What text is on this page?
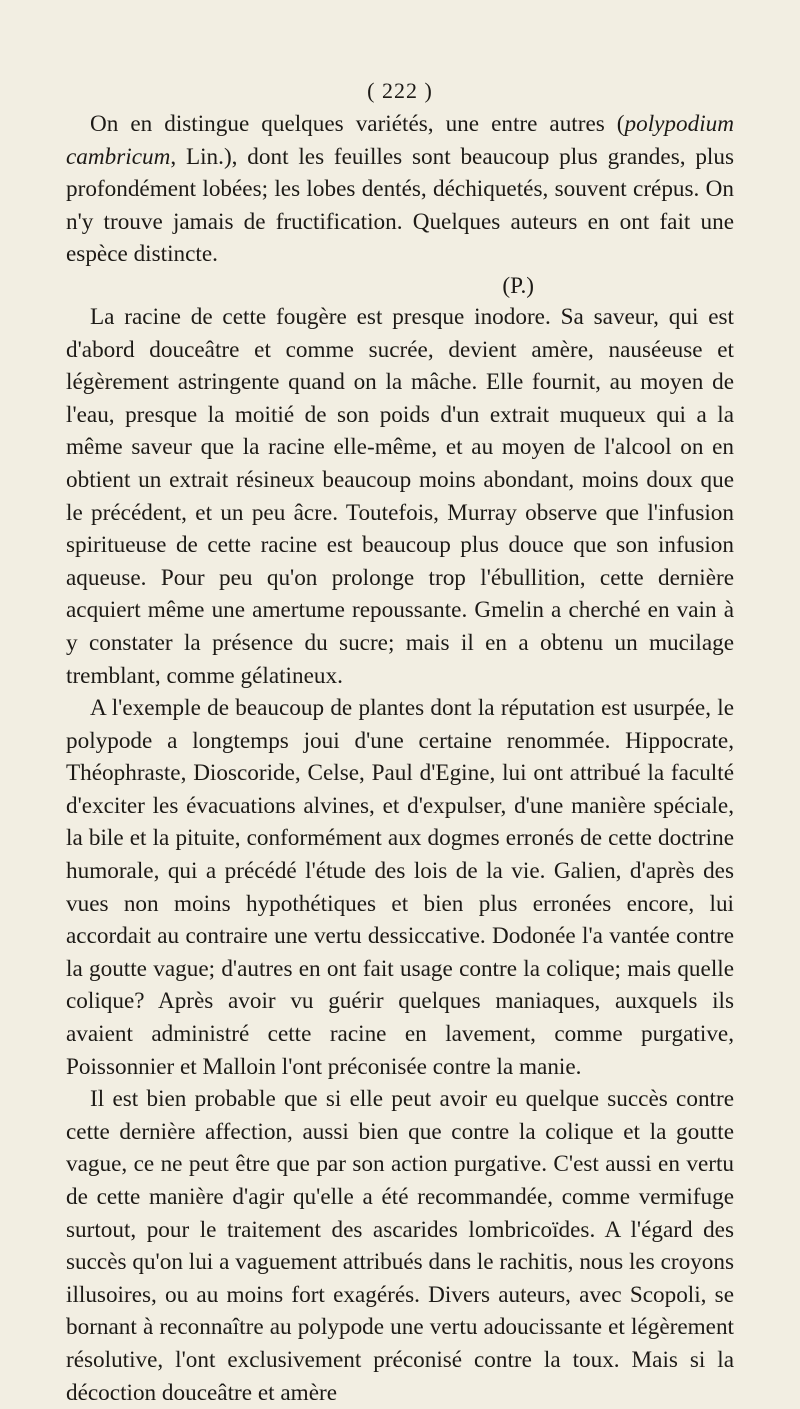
( 222 )

On en distingue quelques variétés, une entre autres (polypodium cambricum, Lin.), dont les feuilles sont beaucoup plus grandes, plus profondément lobées; les lobes dentés, déchiquetés, souvent crépus. On n'y trouve jamais de fructification. Quelques auteurs en ont fait une espèce distincte.
(P.)

La racine de cette fougère est presque inodore. Sa saveur, qui est d'abord douceâtre et comme sucrée, devient amère, nauséeuse et légèrement astringente quand on la mâche. Elle fournit, au moyen de l'eau, presque la moitié de son poids d'un extrait muqueux qui a la même saveur que la racine elle-même, et au moyen de l'alcool on en obtient un extrait résineux beaucoup moins abondant, moins doux que le précédent, et un peu âcre. Toutefois, Murray observe que l'infusion spiritueuse de cette racine est beaucoup plus douce que son infusion aqueuse. Pour peu qu'on prolonge trop l'ébullition, cette dernière acquiert même une amertume repoussante. Gmelin a cherché en vain à y constater la présence du sucre; mais il en a obtenu un mucilage tremblant, comme gélatineux.

A l'exemple de beaucoup de plantes dont la réputation est usurpée, le polypode a longtemps joui d'une certaine renommée. Hippocrate, Théophraste, Dioscoride, Celse, Paul d'Egine, lui ont attribué la faculté d'exciter les évacuations alvines, et d'expulser, d'une manière spéciale, la bile et la pituite, conformément aux dogmes erronés de cette doctrine humorale, qui a précédé l'étude des lois de la vie. Galien, d'après des vues non moins hypothétiques et bien plus erronées encore, lui accordait au contraire une vertu dessiccative. Dodonée l'a vantée contre la goutte vague; d'autres en ont fait usage contre la colique; mais quelle colique? Après avoir vu guérir quelques maniaques, auxquels ils avaient administré cette racine en lavement, comme purgative, Poissonnier et Malloin l'ont préconisée contre la manie.

Il est bien probable que si elle peut avoir eu quelque succès contre cette dernière affection, aussi bien que contre la colique et la goutte vague, ce ne peut être que par son action purgative. C'est aussi en vertu de cette manière d'agir qu'elle a été recommandée, comme vermifuge surtout, pour le traitement des ascarides lombricoïdes. A l'égard des succès qu'on lui a vaguement attribués dans le rachitis, nous les croyons illusoires, ou au moins fort exagérés. Divers auteurs, avec Scopoli, se bornant à reconnaître au polypode une vertu adoucissante et légèrement résolutive, l'ont exclusivement préconisé contre la toux. Mais si la décoction douceâtre et amère
